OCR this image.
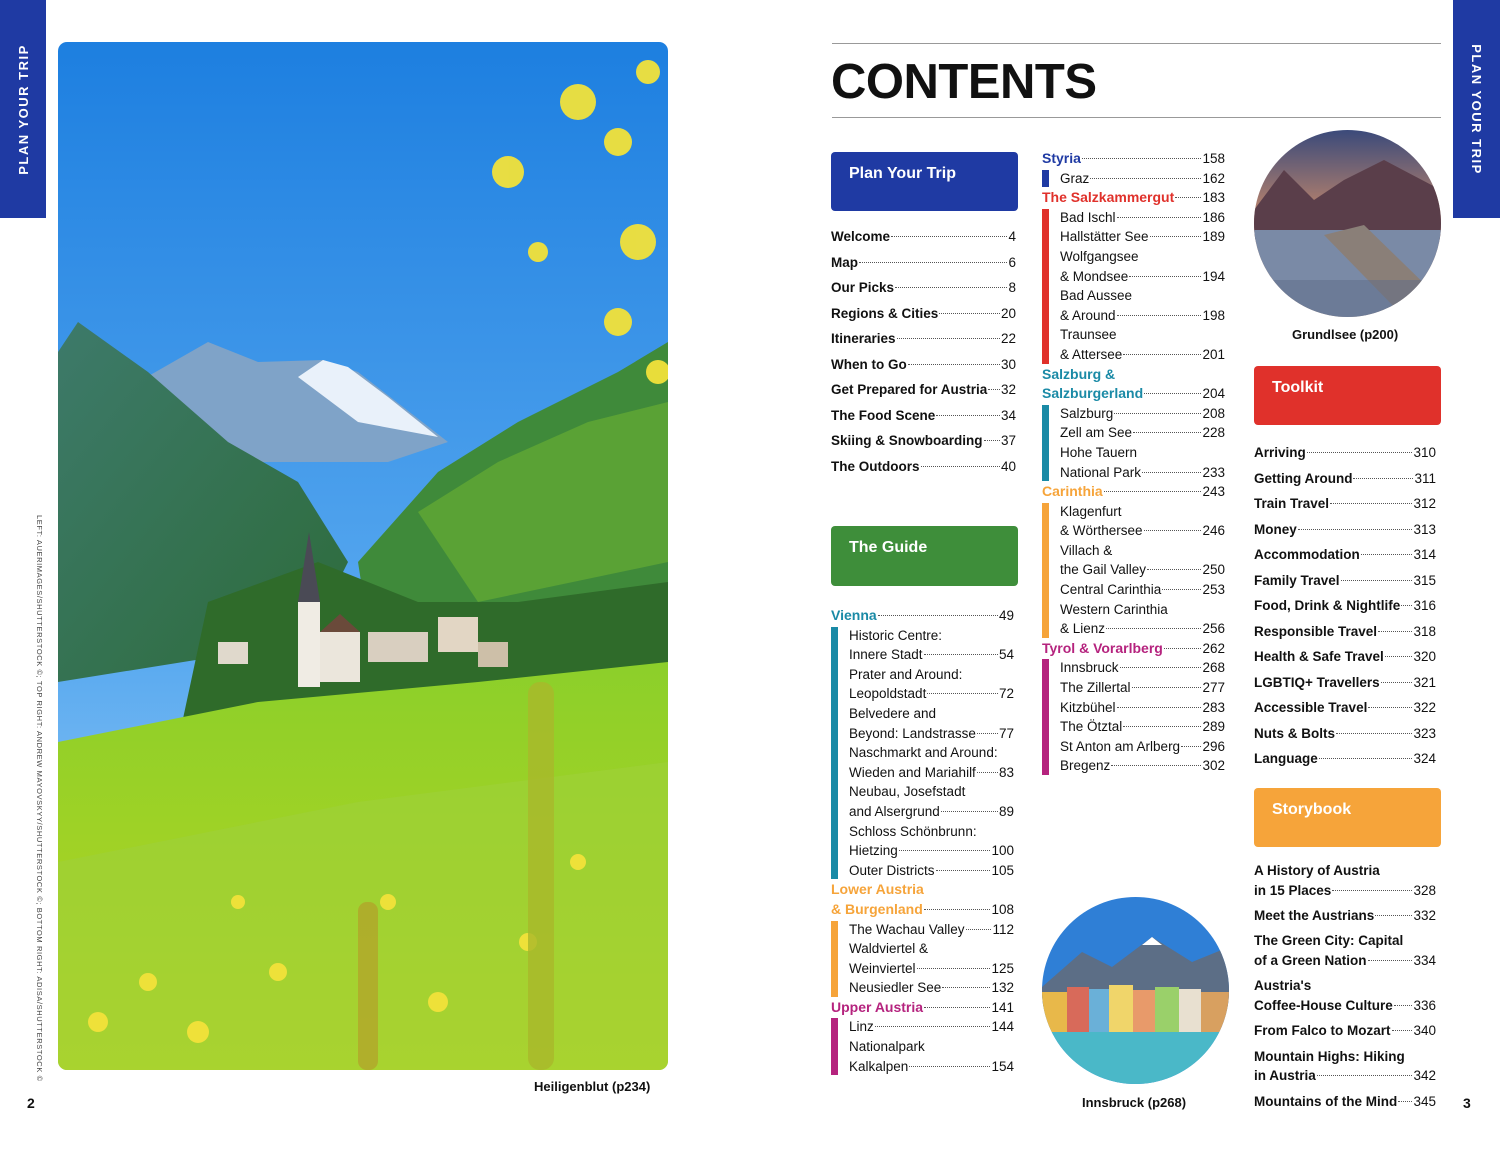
PLAN YOUR TRIP	PLAN YOUR TRIP
2	3
LEFT: AUERIMAGES/SHUTTERSTOCK ©; TOP RIGHT: ANDREW MAYOVSKYY/SHUTTERSTOCK ©; BOTTOM RIGHT: ADISA/SHUTTERSTOCK ©
Heiligenblut (p234)
CONTENTS
Plan Your Trip
The Guide
Toolkit
Storybook
Welcome	4
Map	6
Our Picks	8
Regions & Cities	20
Itineraries	22
When to Go	30
Get Prepared for Austria 32
The Food Scene	34
Skiing & Snowboarding 37
The Outdoors	40
Vienna	49
Historic Centre:
Innere Stadt	54
Prater and Around:
Leopoldstadt	72
Belvedere and
Beyond: Landstrasse 77
Naschmarkt and Around:
Wieden and Mariahilf 83
Neubau, Josefstadt
and Alsergrund	89
Schloss Schönbrunn:
Hietzing	100
Outer Districts	105
Lower Austria
& Burgenland	108
The Wachau Valley 112
Waldviertel &
Weinviertel	125
Neusiedler See	132
Upper Austria	141
Linz	144
Nationalpark
Kalkalpen	154
Styria	158
Graz	162
The Salzkammergut 183
Bad Ischl	186
Hallstätter See	189
Wolfgangsee
& Mondsee	194
Bad Aussee
& Around	198
Traunsee
& Attersee	201
Salzburg &
Salzburgerland	204
Salzburg	208
Zell am See	228
Hohe Tauern
National Park	233
Carinthia	243
Klagenfurt
& Wörthersee	246
Villach &
the Gail Valley	250
Central Carinthia	253
Western Carinthia
& Lienz	256
Tyrol & Vorarlberg	262
Innsbruck	268
The Zillertal	277
Kitzbühel	283
The Ötztal	289
St Anton am Arlberg 296
Bregenz	302
Arriving	310
Getting Around	311
Train Travel	312
Money	313
Accommodation	314
Family Travel	315
Food, Drink & Nightlife 316
Responsible Travel	318
Health & Safe Travel 320
LGBTIQ+ Travellers	321
Accessible Travel	322
Nuts & Bolts	323
Language	324
A History of Austria
in 15 Places	328
Meet the Austrians	332
The Green City: Capital
of a Green Nation	334
Austria's
Coffee-House Culture 336
From Falco to Mozart 340
Mountain Highs: Hiking
in Austria	342
Mountains of the Mind 345
Grundlsee (p200)
Innsbruck (p268)
